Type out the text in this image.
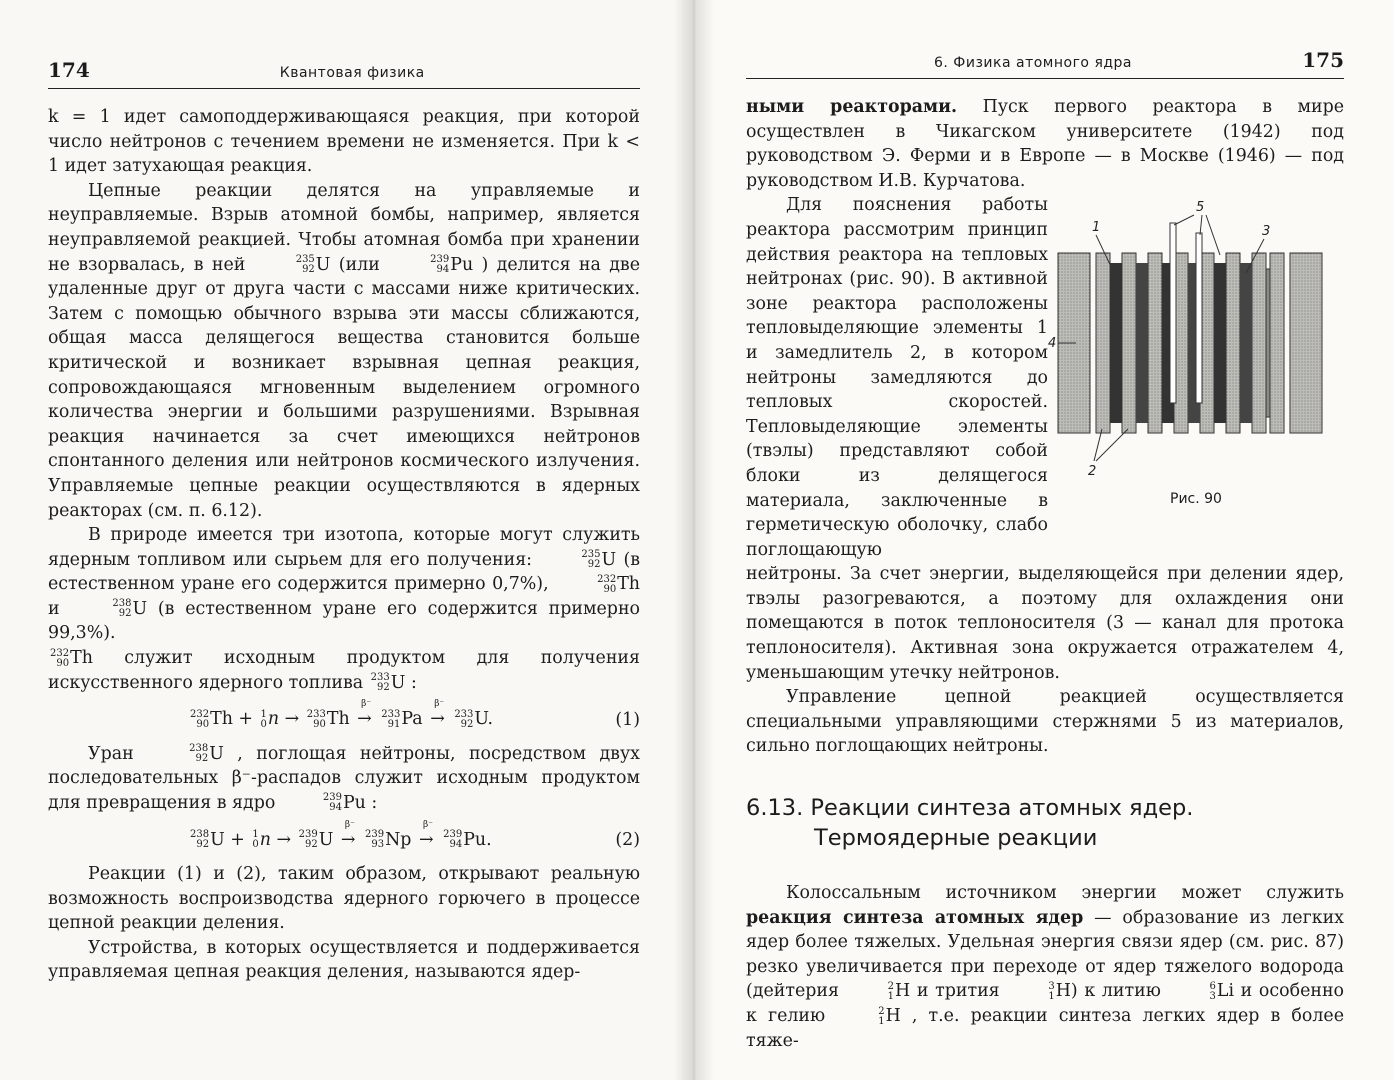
174	Квантовая физика

k = 1 идет самоподдерживающаяся реакция, при которой число нейтронов с течением времени не изменяется. При k < 1 идет затухающая реакция.

Цепные реакции делятся на управляемые и неуправляемые. Взрыв атомной бомбы, например, является неуправляемой реакцией. Чтобы атомная бомба при хранении не взорвалась, в ней	235
92 U (или	239
94 Pu ) делится на две удаленные друг от друга части с массами ниже критических. Затем с помощью обычного взрыва эти массы сближаются, общая масса делящегося вещества становится больше критической и возникает взрывная цепная реакция, сопровождающаяся мгновенным выделением огромного количества энергии и большими разрушениями. Взрывная реакция начинается за счет имеющихся нейтронов спонтанного деления или нейтронов космического излучения. Управляемые цепные реакции осуществляются в ядерных реакторах (см. п. 6.12).

В природе имеется три изотопа, которые могут служить ядерным топливом или сырьем для его получения:	235
92 U (в естественном уране его содержится примерно 0,7%),	232
90 Th и	238
92 U (в естественном уране его содержится примерно 99,3%).

232
90 Th служит исходным продуктом для получения искусственного ядерного топлива 233
92 U :

232
90 Th + 1
0 n → 233
90 Th →
β⁻

233
91 Pa →
β⁻

233
92 U.	(1)

Уран	238
92 U , поглощая нейтроны, посредством двух последовательных β⁻-распадов служит исходным продуктом для превращения в ядро	239
94 Pu :

238
92 U + 1
0 n → 239
92 U →
β⁻

239
93 Np →
β⁻

239
94 Pu.	(2)

Реакции (1) и (2), таким образом, открывают реальную возможность воспроизводства ядерного горючего в процессе цепной реакции деления.

Устройства, в которых осуществляется и поддерживается управляемая цепная реакция деления, называются ядер-

6. Физика атомного ядра	175

ными реакторами. Пуск первого реактора в мире осуществлен в Чикагском университете (1942) под руководством Э. Ферми и в Европе — в Москве (1946) — под руководством И.В. Курчатова.

Для пояснения работы реактора рассмотрим принцип действия реактора на тепловых нейтронах (рис. 90). В активной зоне реактора расположены тепловыделяющие элементы 1 и замедлитель 2, в котором нейтроны замедляются до тепловых скоростей. Тепловыделяющие элементы (твэлы) представляют собой блоки из делящегося материала, заключенные в герметическую оболочку, слабо поглощающую

5
1	3
4
2
Рис. 90

нейтроны. За счет энергии, выделяющейся при делении ядер, твэлы разогреваются, а поэтому для охлаждения они помещаются в поток теплоносителя (3 — канал для протока теплоносителя). Активная зона окружается отражателем 4, уменьшающим утечку нейтронов.

Управление цепной реакцией осуществляется специальными управляющими стержнями 5 из материалов, сильно поглощающих нейтроны.

6.13. Реакции синтеза атомных ядер.
Термоядерные реакции

Колоссальным источником энергии может служить реакция синтеза атомных ядер — образование из легких ядер более тяжелых. Удельная энергия связи ядер (см. рис. 87) резко увеличивается при переходе от ядер тяжелого водорода (дейтерия	2
1 H и трития	3
1 H) к литию	6
3 Li и особенно к гелию	2
1 H , т.е. реакции синтеза легких ядер в более тяже-
